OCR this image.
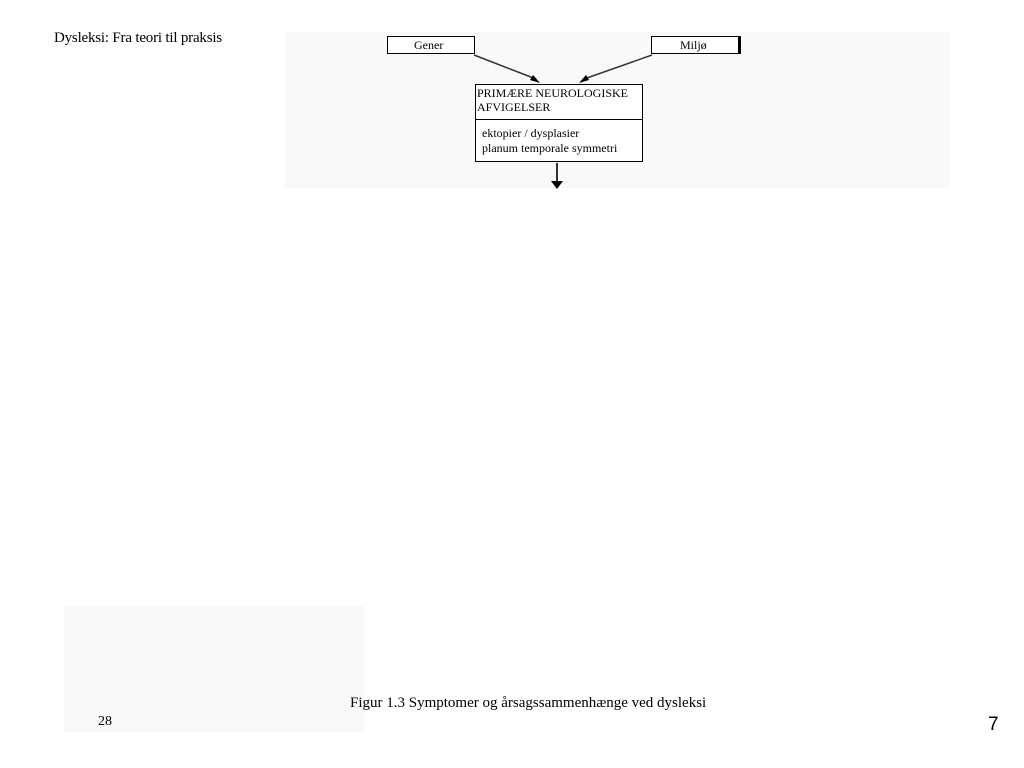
Dysleksi: Fra teori til praksis	Gener	Miljø
PRIMÆRE NEUROLOGISKE
AFVIGELSER
ektopier / dysplasier
planum temporale symmetri
Figur 1.3 Symptomer og årsagssammenhænge ved dysleksi
28	7
